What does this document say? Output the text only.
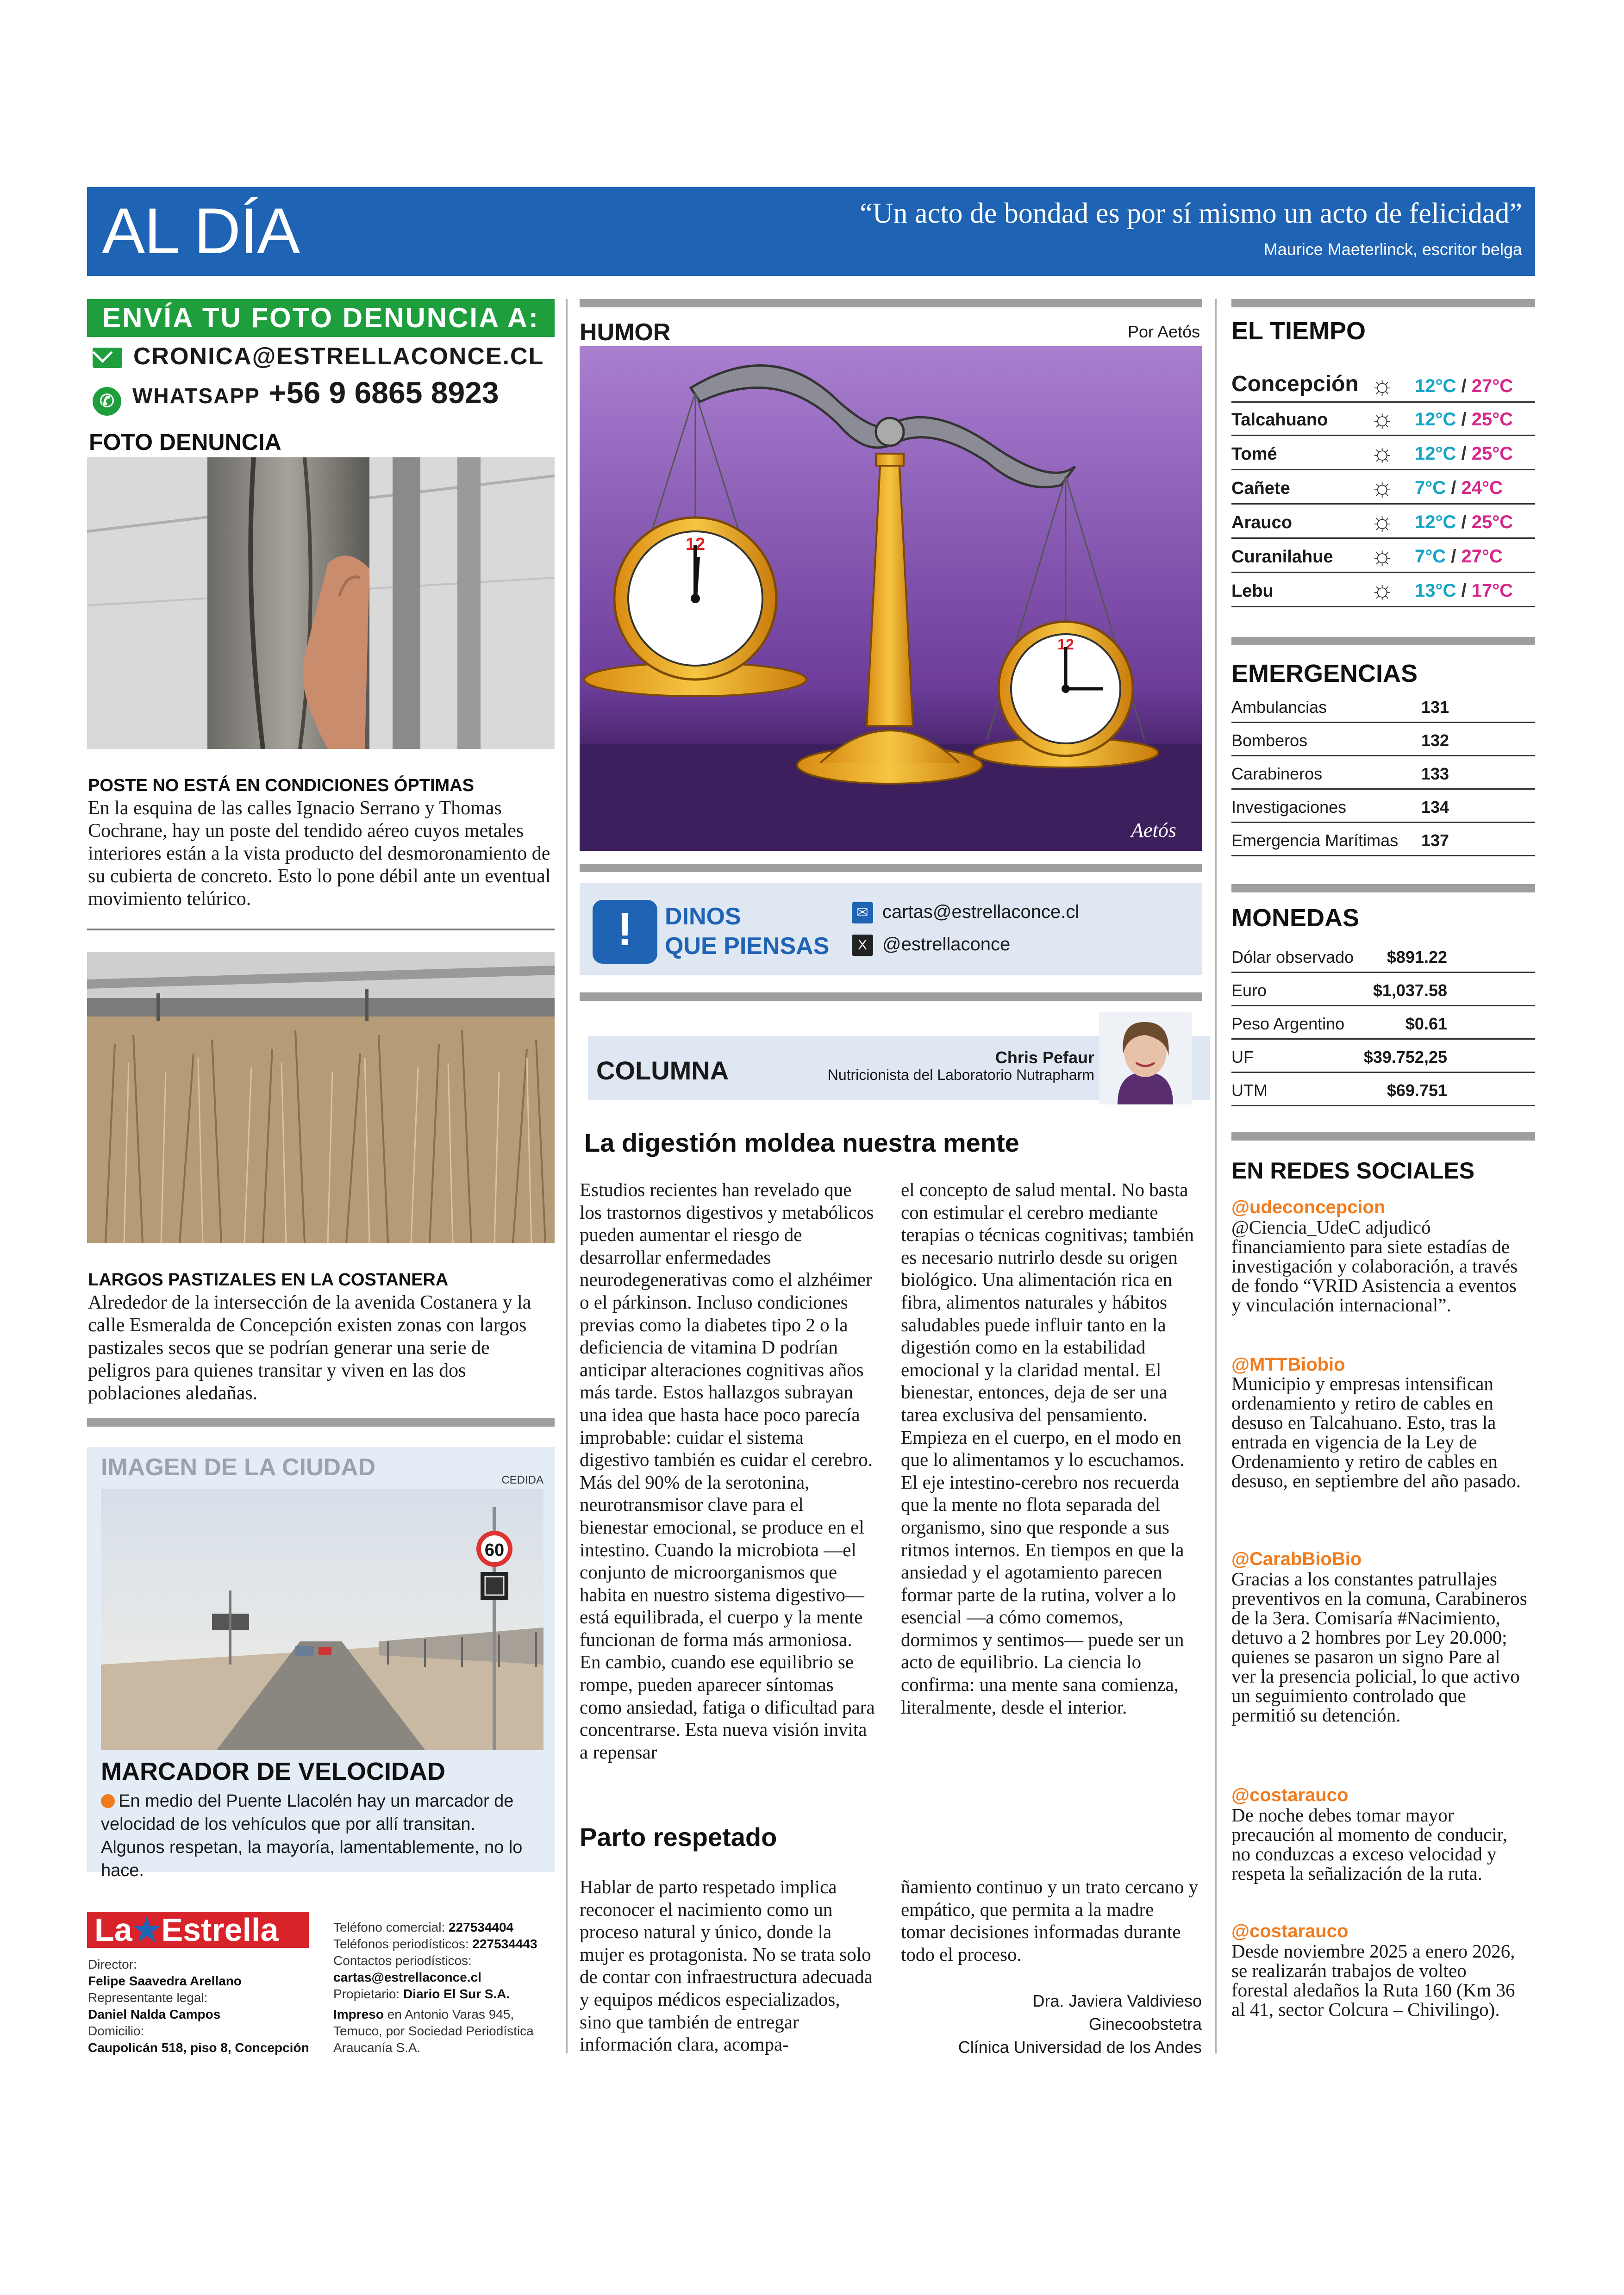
AL DÍA	“Un acto de bondad es por sí mismo un acto de felicidad”
Maurice Maeterlinck, escritor belga
ENVÍA TU FOTO DENUNCIA A:
CRONICA@ESTRELLACONCE.CL
✆ WHATSAPP +56 9 6865 8923
FOTO DENUNCIA
POSTE NO ESTÁ EN CONDICIONES ÓPTIMAS
En la esquina de las calles Ignacio Serrano y Thomas Cochrane, hay un poste del tendido aéreo cuyos metales interiores están a la vista producto del desmoronamiento de su cubierta de concreto. Esto lo pone débil ante un eventual movimiento telúrico.
LARGOS PASTIZALES EN LA COSTANERA
Alrededor de la intersección de la avenida Costanera y la calle Esmeralda de Concepción existen zonas con largos pastizales secos que se podrían generar una serie de peligros para quienes transitar y viven en las dos poblaciones aledañas.
IMAGEN DE LA CIUDAD	CEDIDA
60
MARCADOR DE VELOCIDAD
En medio del Puente Llacolén hay un marcador de velocidad de los vehículos que por allí transitan. Algunos respetan, la mayoría, lamentablemente, no lo hace.
La★Estrella
Director:
Felipe Saavedra Arellano
Representante legal:
Daniel Nalda Campos
Domicilio:
Caupolicán 518, piso 8, Concepción
Teléfono comercial: 227534404
Teléfonos periodísticos: 227534443
Contactos periodísticos:
cartas@estrellaconce.cl
Propietario: Diario El Sur S.A.
Impreso en Antonio Varas 945, Temuco, por Sociedad Periodística Araucanía S.A.
HUMOR	Por Aetós
12
12
Aetós
!	DINOS
QUE PIENSAS
✉ cartas@estrellaconce.cl
X @estrellaconce
COLUMNA	Chris Pefaur
Nutricionista del Laboratorio Nutrapharm
La digestión moldea nuestra mente
Estudios recientes han revelado que los trastornos digestivos y metabólicos pueden aumentar el riesgo de desarrollar enfermedades neurodegenerativas como el alzhéimer o el párkinson. Incluso condiciones previas como la diabetes tipo 2 o la deficiencia de vitamina D podrían anticipar alteraciones cognitivas años más tarde. Estos hallazgos subrayan una idea que hasta hace poco parecía improbable: cuidar el sistema digestivo también es cuidar el cerebro. Más del 90% de la serotonina, neurotransmisor clave para el bienestar emocional, se produce en el intestino. Cuando la microbiota —el conjunto de microorganismos que habita en nuestro sistema digestivo— está equilibrada, el cuerpo y la mente funcionan de forma más armoniosa. En cambio, cuando ese equilibrio se rompe, pueden aparecer síntomas como ansiedad, fatiga o dificultad para concentrarse. Esta nueva visión invita a repensar
el concepto de salud mental. No basta con estimular el cerebro mediante terapias o técnicas cognitivas; también es necesario nutrirlo desde su origen biológico. Una alimentación rica en fibra, alimentos naturales y hábitos saludables puede influir tanto en la digestión como en la estabilidad emocional y la claridad mental. El bienestar, entonces, deja de ser una tarea exclusiva del pensamiento. Empieza en el cuerpo, en el modo en que lo alimentamos y lo escuchamos. El eje intestino-cerebro nos recuerda que la mente no flota separada del organismo, sino que responde a sus ritmos internos. En tiempos en que la ansiedad y el agotamiento parecen formar parte de la rutina, volver a lo esencial —a cómo comemos, dormimos y sentimos— puede ser un acto de equilibrio. La ciencia lo confirma: una mente sana comienza, literalmente, desde el interior.
Parto respetado
Hablar de parto respetado implica reconocer el nacimiento como un proceso natural y único, donde la mujer es protagonista. No se trata solo de contar con infraestructura adecuada y equipos médicos especializados, sino que también de entregar información clara, acompa-
ñamiento continuo y un trato cercano y empático, que permita a la madre tomar decisiones informadas durante todo el proceso.
Dra. Javiera Valdivieso
Ginecoobstetra
Clínica Universidad de los Andes
EL TIEMPO
Concepción ☼ 12°C / 27°C
Talcahuano ☼ 12°C / 25°C
Tomé	☼ 12°C / 25°C
Cañete	☼ 7°C / 24°C
Arauco	☼ 12°C / 25°C
Curanilahue ☼ 7°C / 27°C
Lebu	☼ 13°C / 17°C
EMERGENCIAS
Ambulancias	131
Bomberos	132
Carabineros	133
Investigaciones	134
Emergencia Marítimas 137
MONEDAS
Dólar observado $891.22
Euro	$1,037.58
Peso Argentino	$0.61
UF	$39.752,25
UTM	$69.751
EN REDES SOCIALES
@udeconcepcion
@Ciencia_UdeC adjudicó financiamiento para siete estadías de investigación y colaboración, a través de fondo “VRID Asistencia a eventos y vinculación internacional”.
@MTTBiobio
Municipio y empresas intensifican ordenamiento y retiro de cables en desuso en Talcahuano. Esto, tras la entrada en vigencia de la Ley de Ordenamiento y retiro de cables en desuso, en septiembre del año pasado.
@CarabBioBio
Gracias a los constantes patrullajes preventivos en la comuna, Carabineros de la 3era. Comisaría #Nacimiento, detuvo a 2 hombres por Ley 20.000; quienes se pasaron un signo Pare al ver la presencia policial, lo que activo un seguimiento controlado que permitió su detención.
@costarauco
De noche debes tomar mayor precaución al momento de conducir, no conduzcas a exceso velocidad y respeta la señalización de la ruta.
@costarauco
Desde noviembre 2025 a enero 2026, se realizarán trabajos de volteo forestal aledaños la Ruta 160 (Km 36 al 41, sector Colcura – Chivilingo).
